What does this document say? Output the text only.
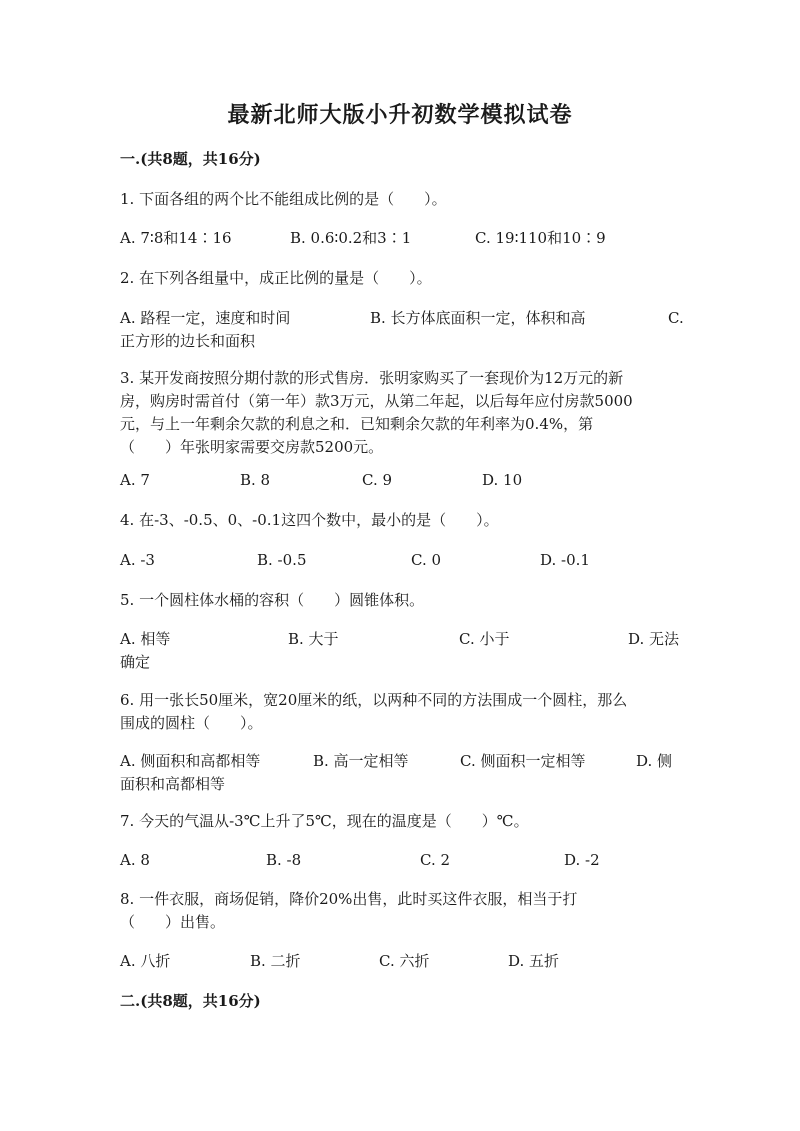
最新北师大版小升初数学模拟试卷
一.(共8题，共16分)
1. 下面各组的两个比不能组成比例的是（　　）。
A. 7∶8和14∶16	B. 0.6∶0.2和3∶1	C. 19∶110和10∶9
2. 在下列各组量中，成正比例的量是（　　）。
A. 路程一定，速度和时间	B. 长方体底面积一定，体积和高	C.
正方形的边长和面积
3. 某开发商按照分期付款的形式售房．张明家购买了一套现价为12万元的新
房，购房时需首付（第一年）款3万元，从第二年起，以后每年应付房款5000
元，与上一年剩余欠款的利息之和．已知剩余欠款的年利率为0.4%，第
（　　）年张明家需要交房款5200元。
A. 7	B. 8	C. 9	D. 10
4. 在-3、-0.5、0、-0.1这四个数中，最小的是（　　）。
A. -3	B. -0.5	C. 0	D. -0.1
5. 一个圆柱体水桶的容积（　　）圆锥体积。
A. 相等	B. 大于	C. 小于	D. 无法
确定
6. 用一张长50厘米，宽20厘米的纸，以两种不同的方法围成一个圆柱，那么
围成的圆柱（　　）。
A. 侧面积和高都相等	B. 高一定相等	C. 侧面积一定相等	D. 侧
面积和高都相等
7. 今天的气温从-3℃上升了5℃，现在的温度是（　　）℃。
A. 8	B. -8	C. 2	D. -2
8. 一件衣服，商场促销，降价20%出售，此时买这件衣服，相当于打
（　　）出售。
A. 八折	B. 二折	C. 六折	D. 五折
二.(共8题，共16分)
